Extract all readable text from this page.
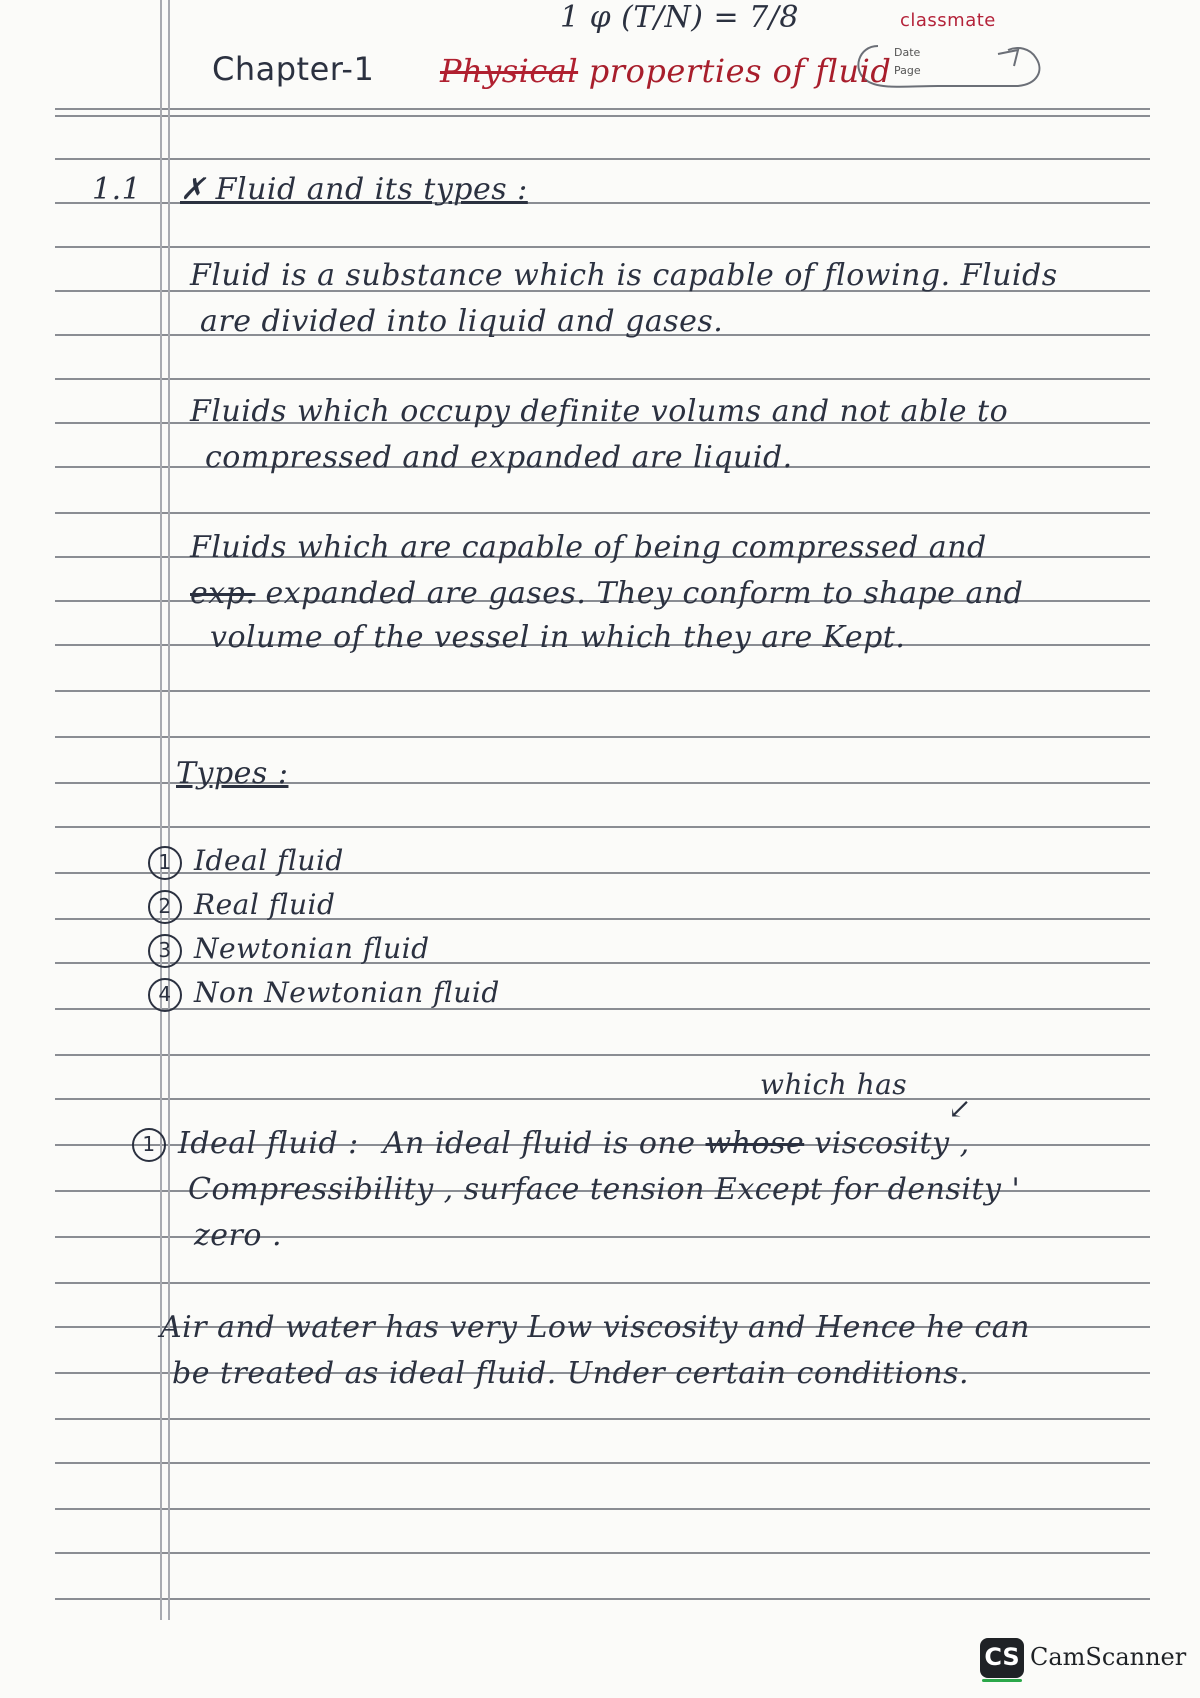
1 φ (T/N) = 7/8	classmate
Date
Page
Chapter-1 Physical properties of fluid
1.1 ✗ Fluid and its types :
Fluid is a substance which is capable of flowing. Fluids
are divided into liquid and gases.
Fluids which occupy definite volums and not able to
compressed and expanded are liquid.
Fluids which are capable of being compressed and
exp. expanded are gases. They conform to shape and
volume of the vessel in which they are Kept.
Types :
1 Ideal fluid
2 Real fluid
3 Newtonian fluid
4 Non Newtonian fluid
which has
↙
1 Ideal fluid : An ideal fluid is one whose viscosity ,
Compressibility , surface tension Except for density '
zero .
Air and water has very Low viscosity and Hence he can
be treated as ideal fluid. Under certain conditions.
CS CamScanner
